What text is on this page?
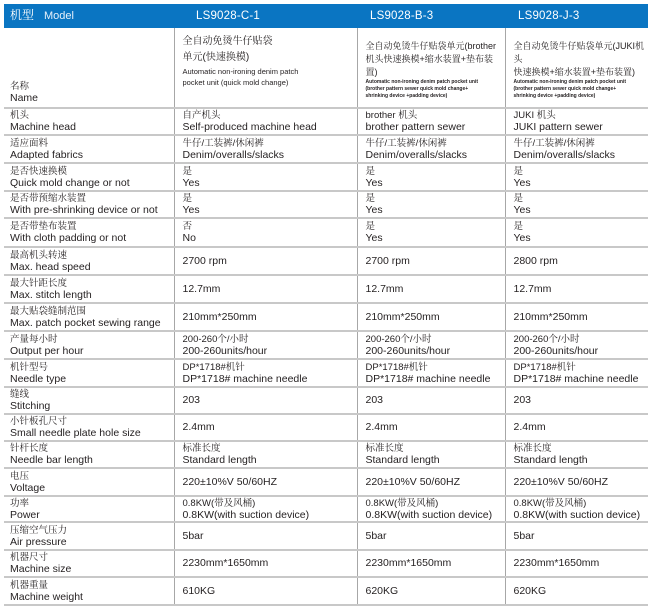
机型 Model	LS9028-C-1	LS9028-B-3	LS9028-J-3

名称
Name	全自动免烫牛仔贴袋
单元(快速换模)
Automatic non-ironing denim patch
pocket unit (quick mold change)	全自动免烫牛仔贴袋单元(brother
机头快速换模+缩水装置+垫布装置)
Automatic non-ironing denim patch pocket unit
(brother pattern sewer quick mold change+
shrinking device +padding device)	全自动免烫牛仔贴袋单元(JUKI机头
快速换模+缩水装置+垫布装置)
Automatic non-ironing denim patch pocket unit
(brother pattern sewer quick mold change+
shrinking device +padding device)

机头
Machine head	自产机头
Self-produced machine head	brother 机头
brother pattern sewer	JUKI 机头
JUKI pattern sewer

适应面料
Adapted fabrics	牛仔/工装裤/休闲裤
Denim/overalls/slacks	牛仔/工装裤/休闲裤
Denim/overalls/slacks	牛仔/工装裤/休闲裤
Denim/overalls/slacks

是否快速换模
Quick mold change or not	是
Yes	是
Yes	是
Yes

是否带预缩水装置
With pre-shrinking device or not	是
Yes	是
Yes	是
Yes

是否带垫布装置
With cloth padding or not	否
No	是
Yes	是
Yes

最高机头转速
Max. head speed	2700 rpm	2700 rpm	2800 rpm

最大针距长度
Max. stitch length	12.7mm	12.7mm	12.7mm

最大贴袋缝制范围
Max. patch pocket sewing range	210mm*250mm	210mm*250mm	210mm*250mm

产量每小时
Output per hour	200-260个/小时
200-260units/hour	200-260个/小时
200-260units/hour	200-260个/小时
200-260units/hour

机针型号
Needle type	DP*1718#机针
DP*1718# machine needle	DP*1718#机针
DP*1718# machine needle	DP*1718#机针
DP*1718# machine needle

缝线
Stitching	203	203	203

小针板孔尺寸
Small needle plate hole size	2.4mm	2.4mm	2.4mm

针杆长度
Needle bar length	标准长度
Standard length	标准长度
Standard length	标准长度
Standard length

电压
Voltage	220±10%V 50/60HZ	220±10%V 50/60HZ	220±10%V 50/60HZ

功率
Power	0.8KW(带及风桶)
0.8KW(with suction device)	0.8KW(带及风桶)
0.8KW(with suction device)	0.8KW(带及风桶)
0.8KW(with suction device)

压缩空气压力
Air pressure	5bar	5bar	5bar

机器尺寸
Machine size	2230mm*1650mm	2230mm*1650mm	2230mm*1650mm

机器重量
Machine weight	610KG	620KG	620KG
